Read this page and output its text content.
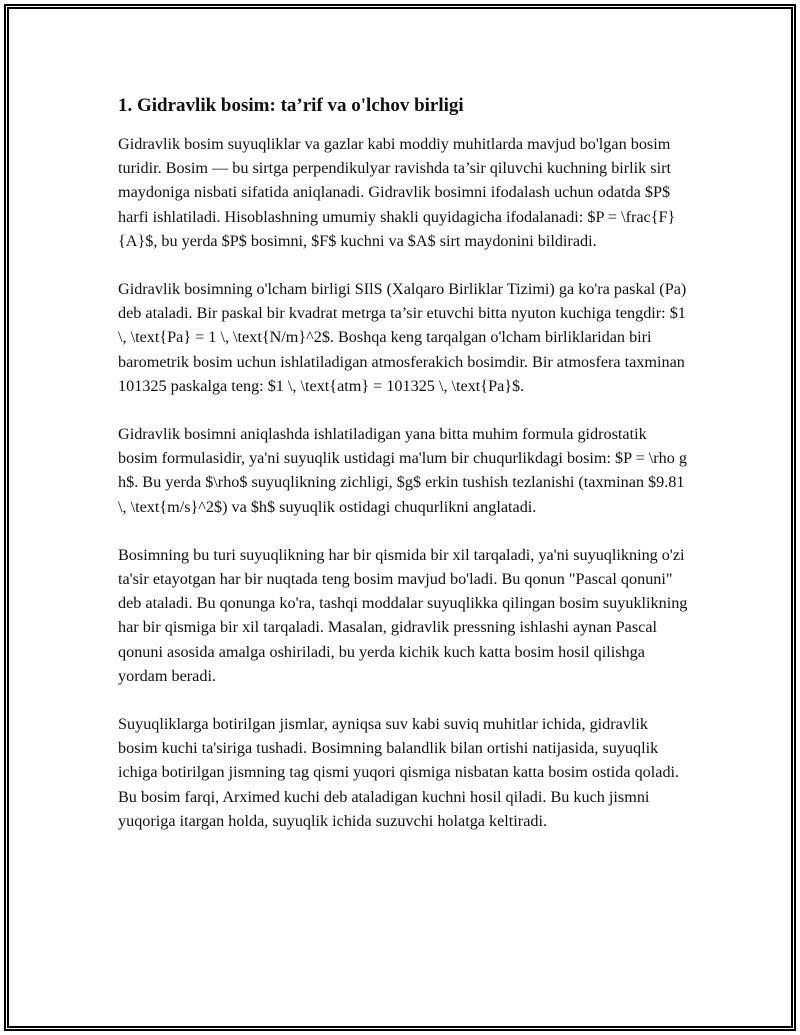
1. Gidravlik bosim: ta’rif va o'lchov birligi

Gidravlik bosim suyuqliklar va gazlar kabi moddiy muhitlarda mavjud bo'lgan bosim turidir. Bosim — bu sirtga perpendikulyar ravishda ta’sir qiluvchi kuchning birlik sirt maydoniga nisbati sifatida aniqlanadi. Gidravlik bosimni ifodalash uchun odatda $P$ harfi ishlatiladi. Hisoblashning umumiy shakli quyidagicha ifodalanadi: $P = \frac{F}{A}$, bu yerda $P$ bosimni, $F$ kuchni va $A$ sirt maydonini bildiradi.

Gidravlik bosimning o'lcham birligi SIlS (Xalqaro Birliklar Tizimi) ga ko'ra paskal (Pa) deb ataladi. Bir paskal bir kvadrat metrga ta’sir etuvchi bitta nyuton kuchiga tengdir: $1 \, \text{Pa} = 1 \, \text{N/m}^2$. Boshqa keng tarqalgan o'lcham birliklaridan biri barometrik bosim uchun ishlatiladigan atmosferakich bosimdir. Bir atmosfera taxminan 101325 paskalga teng: $1 \, \text{atm} = 101325 \, \text{Pa}$.

Gidravlik bosimni aniqlashda ishlatiladigan yana bitta muhim formula gidrostatik bosim formulasidir, ya'ni suyuqlik ustidagi ma'lum bir chuqurlikdagi bosim: $P = \rho g h$. Bu yerda $\rho$ suyuqlikning zichligi, $g$ erkin tushish tezlanishi (taxminan $9.81 \, \text{m/s}^2$) va $h$ suyuqlik ostidagi chuqurlikni anglatadi.

Bosimning bu turi suyuqlikning har bir qismida bir xil tarqaladi, ya'ni suyuqlikning o'zi ta'sir etayotgan har bir nuqtada teng bosim mavjud bo'ladi. Bu qonun "Pascal qonuni" deb ataladi. Bu qonunga ko'ra, tashqi moddalar suyuqlikka qilingan bosim suyuklikning har bir qismiga bir xil tarqaladi. Masalan, gidravlik pressning ishlashi aynan Pascal qonuni asosida amalga oshiriladi, bu yerda kichik kuch katta bosim hosil qilishga yordam beradi.

Suyuqliklarga botirilgan jismlar, ayniqsa suv kabi suviq muhitlar ichida, gidravlik bosim kuchi ta'siriga tushadi. Bosimning balandlik bilan ortishi natijasida, suyuqlik ichiga botirilgan jismning tag qismi yuqori qismiga nisbatan katta bosim ostida qoladi. Bu bosim farqi, Arximed kuchi deb ataladigan kuchni hosil qiladi. Bu kuch jismni yuqoriga itargan holda, suyuqlik ichida suzuvchi holatga keltiradi.
